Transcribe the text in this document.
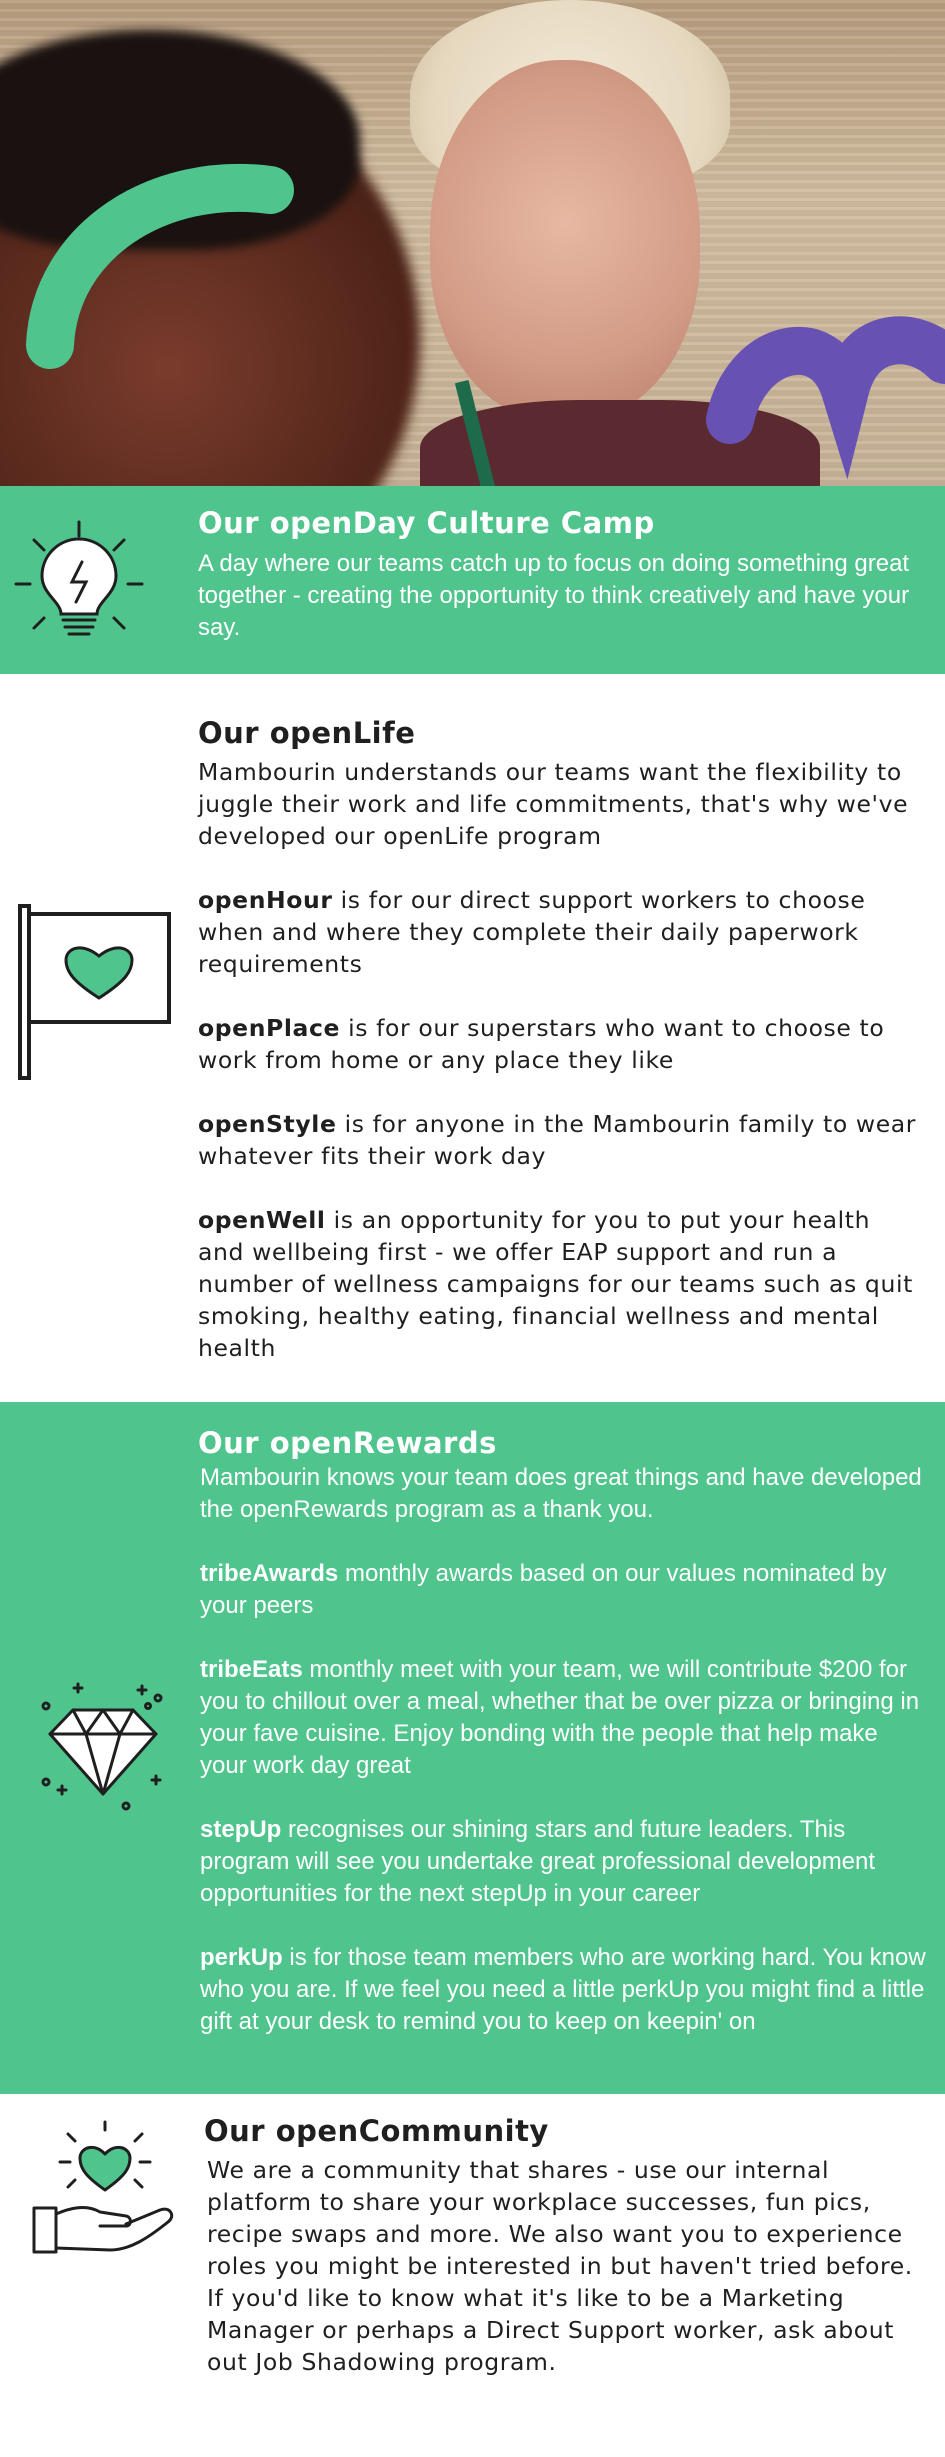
Our openDay Culture Camp
A day where our teams catch up to focus on doing something great together - creating the opportunity to think creatively and have your say.
Our openLife

Mambourin understands our teams want the flexibility to juggle their work and life commitments, that's why we've developed our openLife program

openHour is for our direct support workers to choose when and where they complete their daily paperwork requirements

openPlace is for our superstars who want to choose to work from home or any place they like

openStyle is for anyone in the Mambourin family to wear whatever fits their work day

openWell is an opportunity for you to put your health and wellbeing first - we offer EAP support and run a number of wellness campaigns for our teams such as quit smoking, healthy eating, financial wellness and mental health

Our openRewards

Mambourin knows your team does great things and have developed the openRewards program as a thank you.

tribeAwards monthly awards based on our values nominated by your peers

tribeEats monthly meet with your team, we will contribute $200 for you to chillout over a meal, whether that be over pizza or bringing in your fave cuisine. Enjoy bonding with the people that help make your work day great

stepUp recognises our shining stars and future leaders. This program will see you undertake great professional development opportunities for the next stepUp in your career

perkUp is for those team members who are working hard. You know who you are. If we feel you need a little perkUp you might find a little gift at your desk to remind you to keep on keepin' on

Our openCommunity
We are a community that shares - use our internal platform to share your workplace successes, fun pics, recipe swaps and more. We also want you to experience roles you might be interested in but haven't tried before. If you'd like to know what it's like to be a Marketing Manager or perhaps a Direct Support worker, ask about out Job Shadowing program.
